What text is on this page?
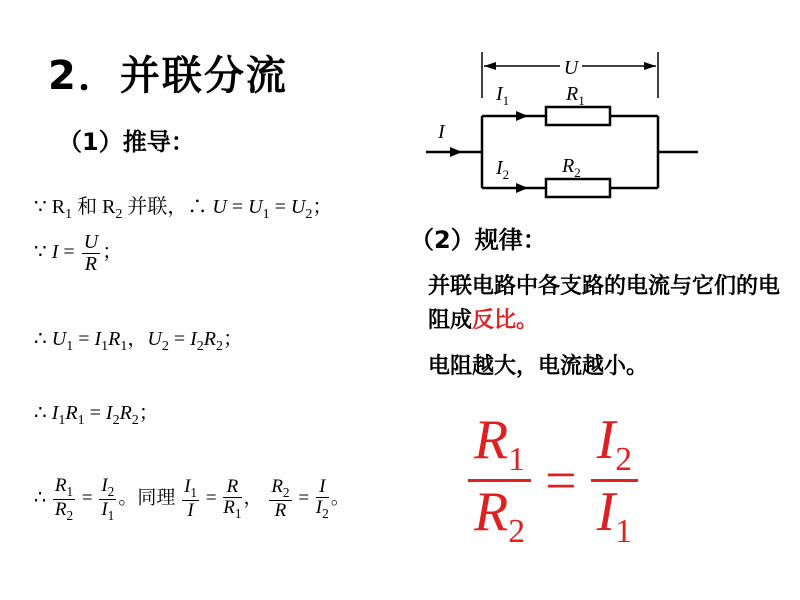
2．并联分流
（1）推导：
∵ $R_1$ 和 $R_2$ 并联，∴ $U = U_1 = U_2$；
∵ $I = \frac{U}{R}$ ；
∴ $U_1 = I_1R_1$，$U_2 = I_2R_2$；
∴ $I_1R_1 = I_2R_2$；
∴ $\frac{R_1}{R_2} = \frac{I_2}{I_1}$ 。同理 $\frac{I_1}{I} = \frac{R}{R_1}$ ， $\frac{R_2}{R} = \frac{I}{I_2}$ 。
U
I
$I_1$	$R_1$
$I_2$	$R_2$
（2）规律：
并联电路中各支路的电流与它们的电阻成反比。
电阻越大，电流越小。
$\frac{R_1}{R_2} = \frac{I_2}{I_1}$
